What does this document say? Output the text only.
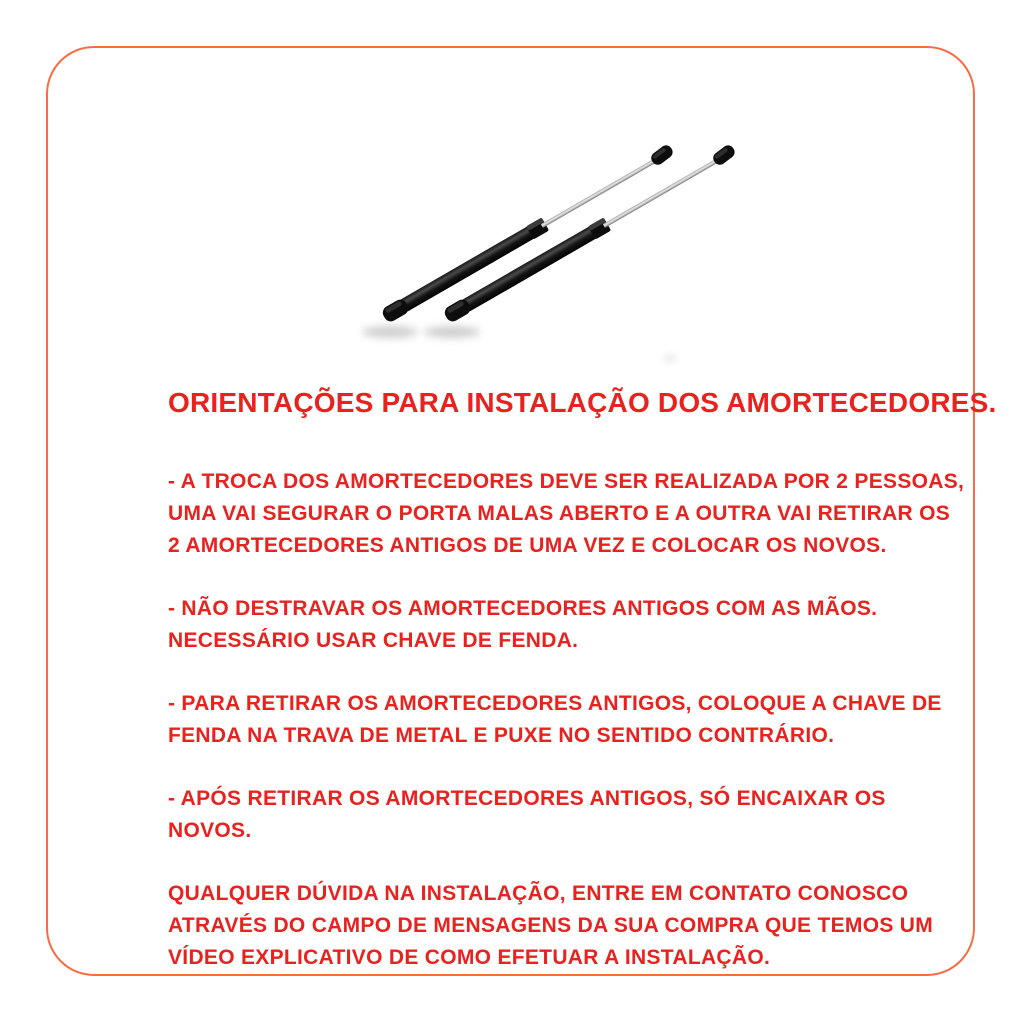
ORIENTAÇÕES PARA INSTALAÇÃO DOS AMORTECEDORES.
- A TROCA DOS AMORTECEDORES DEVE SER REALIZADA POR 2 PESSOAS,
UMA VAI SEGURAR O PORTA MALAS ABERTO E A OUTRA VAI RETIRAR OS
2 AMORTECEDORES ANTIGOS DE UMA VEZ E COLOCAR OS NOVOS.
- NÃO DESTRAVAR OS AMORTECEDORES ANTIGOS COM AS MÃOS.
NECESSÁRIO USAR CHAVE DE FENDA.
- PARA RETIRAR OS AMORTECEDORES ANTIGOS, COLOQUE A CHAVE DE
FENDA NA TRAVA DE METAL E PUXE NO SENTIDO CONTRÁRIO.
- APÓS RETIRAR OS AMORTECEDORES ANTIGOS, SÓ ENCAIXAR OS
NOVOS.
QUALQUER DÚVIDA NA INSTALAÇÃO, ENTRE EM CONTATO CONOSCO
ATRAVÉS DO CAMPO DE MENSAGENS DA SUA COMPRA QUE TEMOS UM
VÍDEO EXPLICATIVO DE COMO EFETUAR A INSTALAÇÃO.
